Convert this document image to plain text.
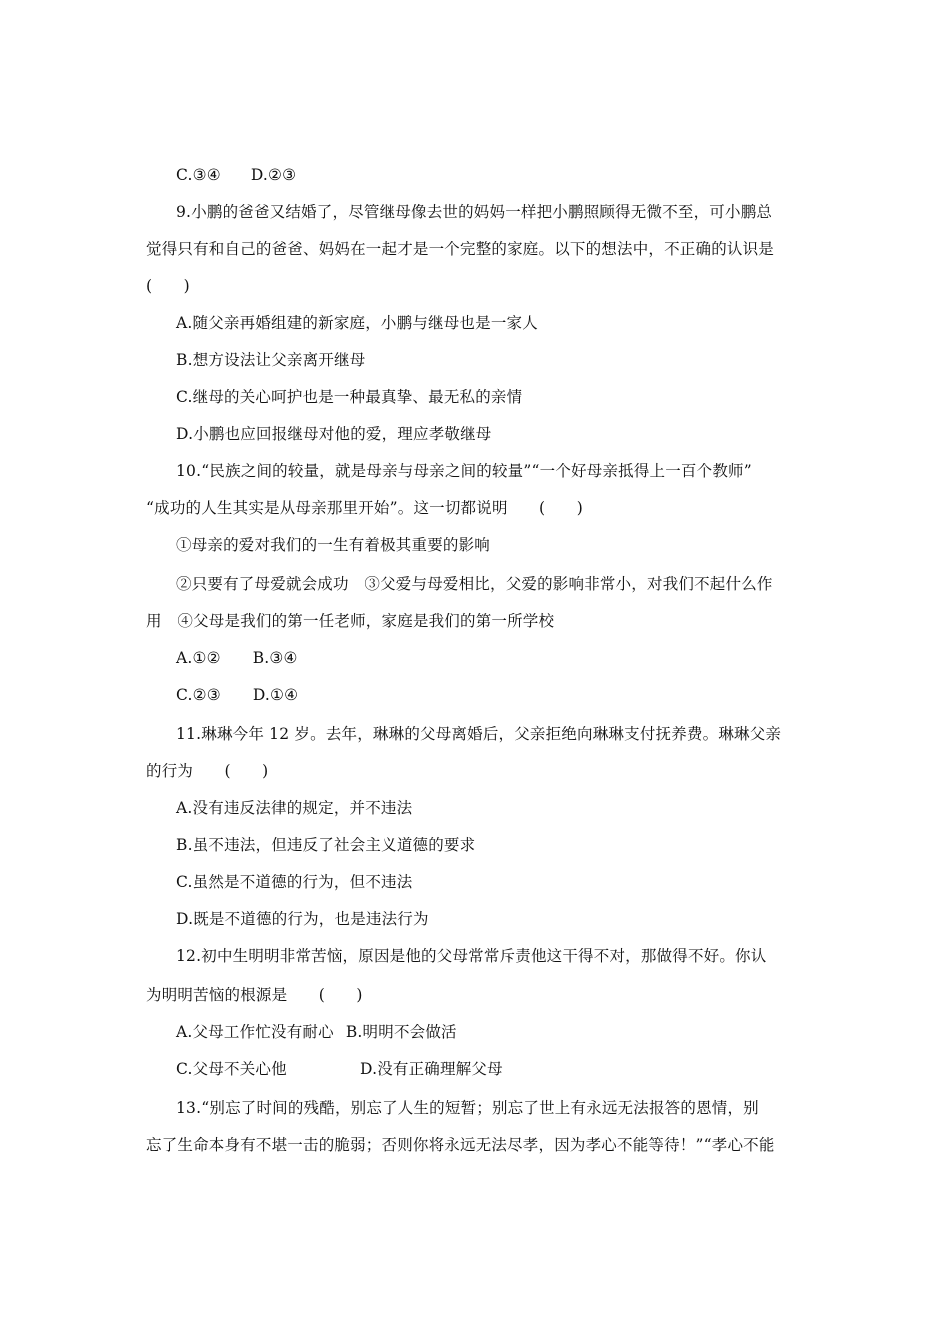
C.③④ D.②③
9.小鹏的爸爸又结婚了，尽管继母像去世的妈妈一样把小鹏照顾得无微不至，可小鹏总
觉得只有和自己的爸爸、妈妈在一起才是一个完整的家庭。以下的想法中，不正确的认识是
(　　)
A.随父亲再婚组建的新家庭，小鹏与继母也是一家人
B.想方设法让父亲离开继母
C.继母的关心呵护也是一种最真挚、最无私的亲情
D.小鹏也应回报继母对他的爱，理应孝敬继母
10.“民族之间的较量，就是母亲与母亲之间的较量”“一个好母亲抵得上一百个教师”
“成功的人生其实是从母亲那里开始”。这一切都说明　　(　　)
①母亲的爱对我们的一生有着极其重要的影响
②只要有了母爱就会成功　③父爱与母爱相比，父爱的影响非常小，对我们不起什么作
用　④父母是我们的第一任老师，家庭是我们的第一所学校
A.①② B.③④
C.②③ D.①④
11.琳琳今年 12 岁。去年，琳琳的父母离婚后，父亲拒绝向琳琳支付抚养费。琳琳父亲
的行为　　(　　)
A.没有违反法律的规定，并不违法
B.虽不违法，但违反了社会主义道德的要求
C.虽然是不道德的行为，但不违法
D.既是不道德的行为，也是违法行为
12.初中生明明非常苦恼，原因是他的父母常常斥责他这干得不对，那做得不好。你认
为明明苦恼的根源是　　(　　)
A.父母工作忙没有耐心 B.明明不会做活
C.父母不关心他	D.没有正确理解父母
13.“别忘了时间的残酷，别忘了人生的短暂；别忘了世上有永远无法报答的恩情，别
忘了生命本身有不堪一击的脆弱；否则你将永远无法尽孝，因为孝心不能等待！”“孝心不能
